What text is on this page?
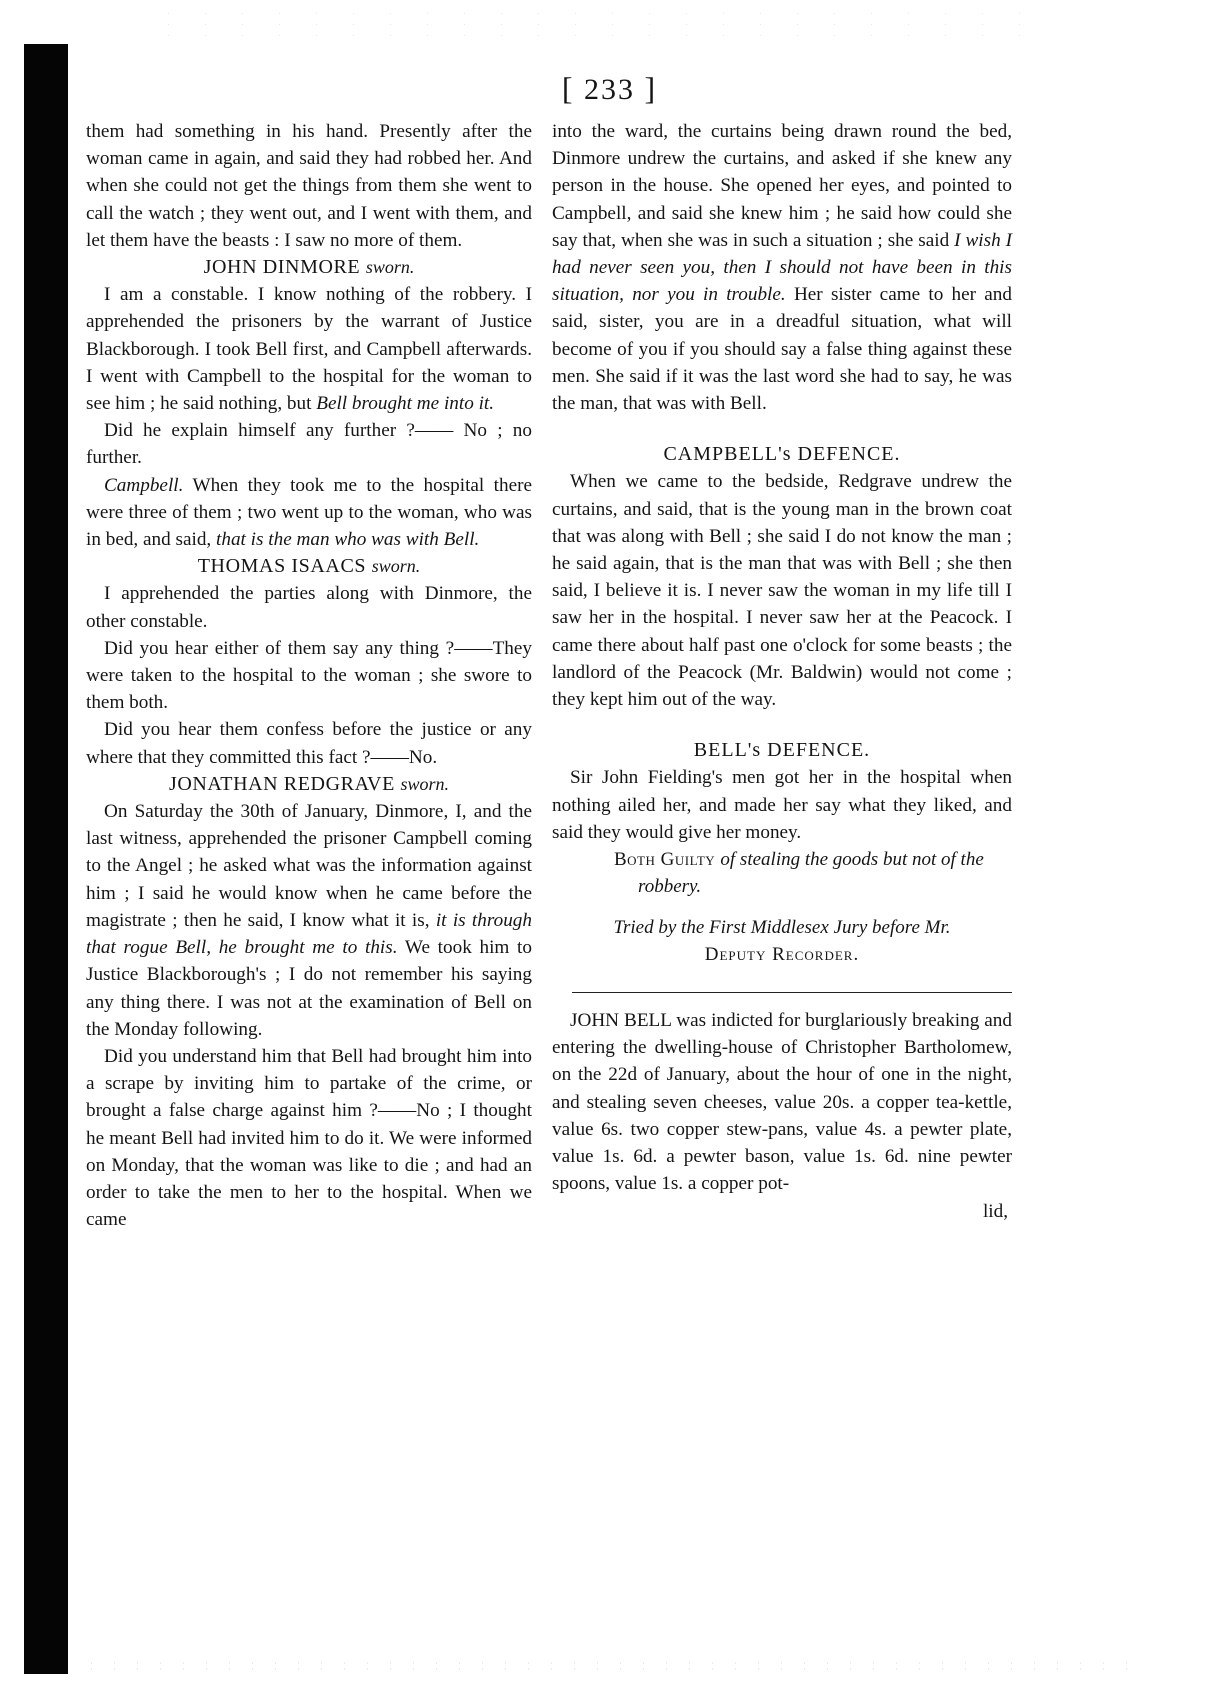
[ 233 ]

them had something in his hand. Presently after the woman came in again, and said they had robbed her. And when she could not get the things from them she went to call the watch ; they went out, and I went with them, and let them have the beasts : I saw no more of them.

JOHN DINMORE sworn.

I am a constable. I know nothing of the robbery. I apprehended the prisoners by the warrant of Justice Blackborough. I took Bell first, and Campbell afterwards. I went with Campbell to the hospital for the woman to see him ; he said nothing, but Bell brought me into it.

Did he explain himself any further ?—— No ; no further.

Campbell. When they took me to the hospital there were three of them ; two went up to the woman, who was in bed, and said, that is the man who was with Bell.

THOMAS ISAACS sworn.

I apprehended the parties along with Dinmore, the other constable.

Did you hear either of them say any thing ?——They were taken to the hospital to the woman ; she swore to them both.

Did you hear them confess before the justice or any where that they committed this fact ?——No.

JONATHAN REDGRAVE sworn.

On Saturday the 30th of January, Dinmore, I, and the last witness, apprehended the prisoner Campbell coming to the Angel ; he asked what was the information against him ; I said he would know when he came before the magistrate ; then he said, I know what it is, it is through that rogue Bell, he brought me to this. We took him to Justice Blackborough's ; I do not remember his saying any thing there. I was not at the examination of Bell on the Monday following.

Did you understand him that Bell had brought him into a scrape by inviting him to partake of the crime, or brought a false charge against him ?——No ; I thought he meant Bell had invited him to do it. We were informed on Monday, that the woman was like to die ; and had an order to take the men to her to the hospital. When we came

into the ward, the curtains being drawn round the bed, Dinmore undrew the curtains, and asked if she knew any person in the house. She opened her eyes, and pointed to Campbell, and said she knew him ; he said how could she say that, when she was in such a situation ; she said I wish I had never seen you, then I should not have been in this situation, nor you in trouble. Her sister came to her and said, sister, you are in a dreadful situation, what will become of you if you should say a false thing against these men. She said if it was the last word she had to say, he was the man, that was with Bell.

CAMPBELL's DEFENCE.

When we came to the bedside, Redgrave undrew the curtains, and said, that is the young man in the brown coat that was along with Bell ; she said I do not know the man ; he said again, that is the man that was with Bell ; she then said, I believe it is. I never saw the woman in my life till I saw her in the hospital. I never saw her at the Peacock. I came there about half past one o'clock for some beasts ; the landlord of the Peacock (Mr. Baldwin) would not come ; they kept him out of the way.

BELL's DEFENCE.

Sir John Fielding's men got her in the hospital when nothing ailed her, and made her say what they liked, and said they would give her money.

Both Guilty of stealing the goods but not of the robbery.

Tried by the First Middlesex Jury before Mr.
Deputy Recorder.

JOHN BELL was indicted for burglariously breaking and entering the dwelling-house of Christopher Bartholomew, on the 22d of January, about the hour of one in the night, and stealing seven cheeses, value 20s. a copper tea-kettle, value 6s. two copper stew-pans, value 4s. a pewter plate, value 1s. 6d. a pewter bason, value 1s. 6d. nine pewter spoons, value 1s. a copper pot-

lid,
